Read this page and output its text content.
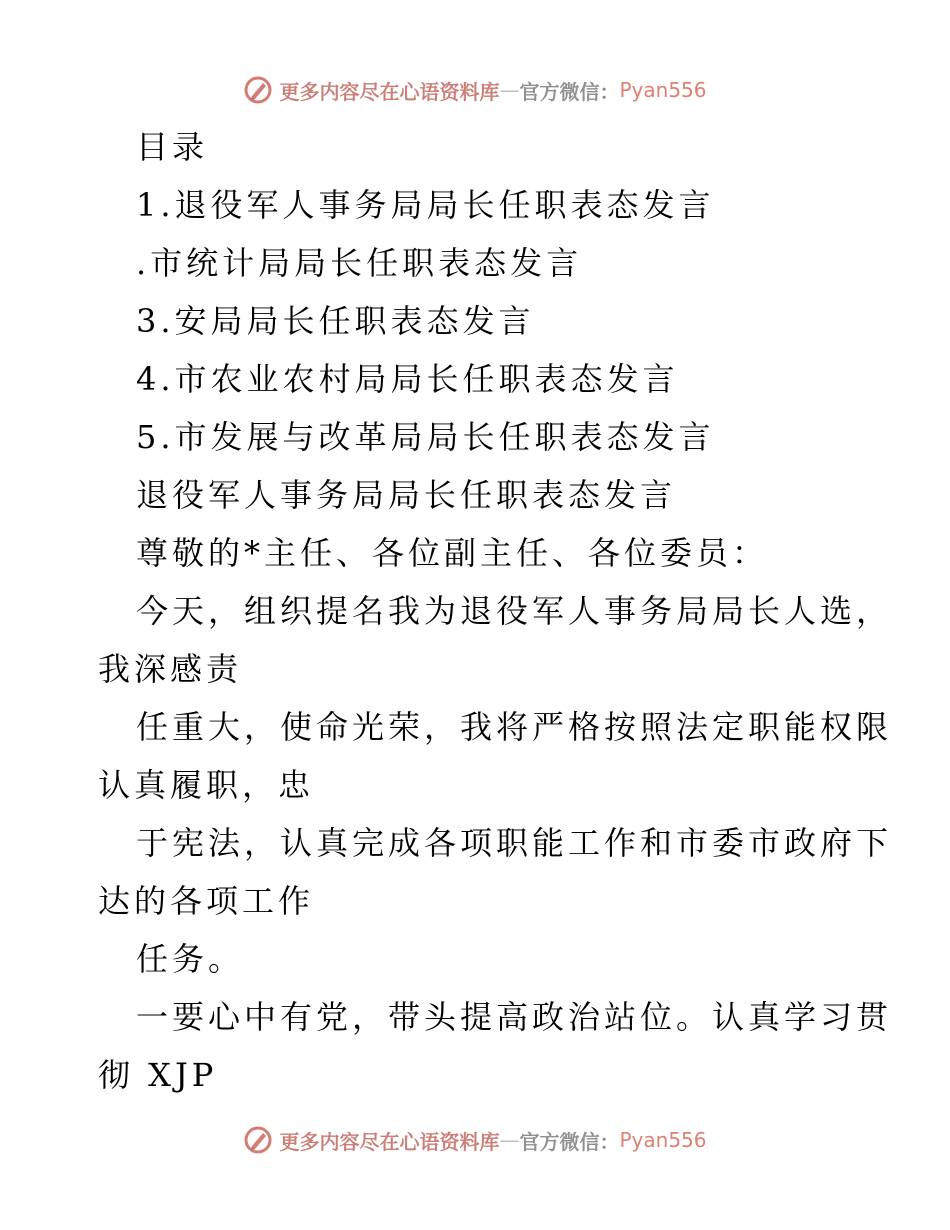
更多内容尽在心语资料库 — 官方微信： Pyan556
目录
1.退役军人事务局局长任职表态发言
.市统计局局长任职表态发言
3.安局局长任职表态发言
4.市农业农村局局长任职表态发言
5.市发展与改革局局长任职表态发言
退役军人事务局局长任职表态发言
尊敬的*主任、各位副主任、各位委员：
今天，组织提名我为退役军人事务局局长人选，
我深感责
任重大，使命光荣，我将严格按照法定职能权限
认真履职，忠
于宪法，认真完成各项职能工作和市委市政府下
达的各项工作
任务。
一要心中有党，带头提高政治站位。认真学习贯
彻 XJP
更多内容尽在心语资料库 — 官方微信： Pyan556
